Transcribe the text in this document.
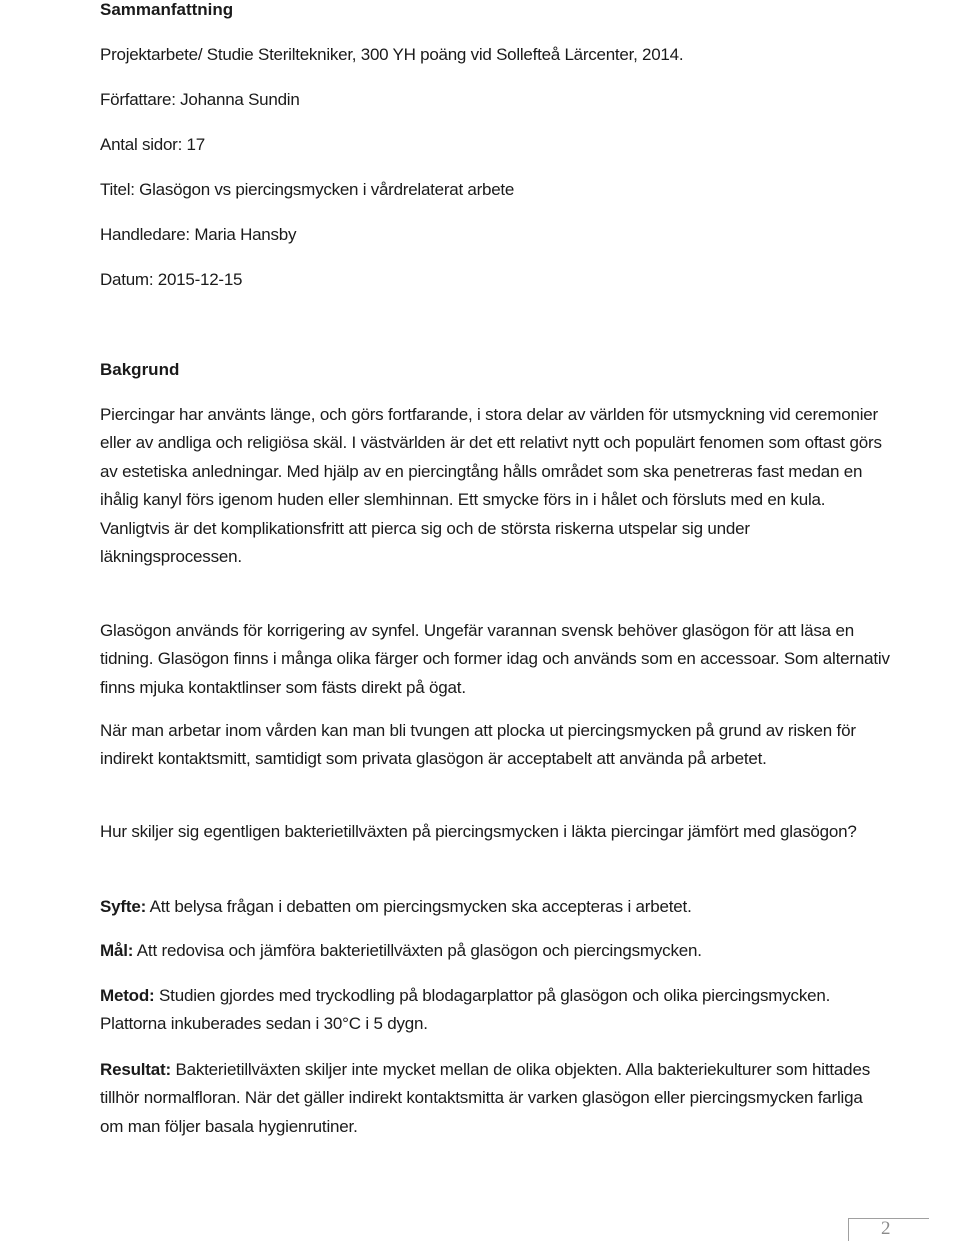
Sammanfattning
Projektarbete/ Studie Steriltekniker, 300 YH poäng vid Sollefteå Lärcenter, 2014.
Författare: Johanna Sundin
Antal sidor: 17
Titel: Glasögon vs piercingsmycken i vårdrelaterat arbete
Handledare: Maria Hansby
Datum: 2015-12-15
Bakgrund
Piercingar har använts länge, och görs fortfarande, i stora delar av världen för utsmyckning vid ceremonier eller av andliga och religiösa skäl. I västvärlden är det ett relativt nytt och populärt fenomen som oftast görs av estetiska anledningar. Med hjälp av en piercingtång hålls området som ska penetreras fast medan en ihålig kanyl förs igenom huden eller slemhinnan. Ett smycke förs in i hålet och försluts med en kula. Vanligtvis är det komplikationsfritt att pierca sig och de största riskerna utspelar sig under läkningsprocessen.
Glasögon används för korrigering av synfel. Ungefär varannan svensk behöver glasögon för att läsa en tidning. Glasögon finns i många olika färger och former idag och används som en accessoar. Som alternativ finns mjuka kontaktlinser som fästs direkt på ögat.
När man arbetar inom vården kan man bli tvungen att plocka ut piercingsmycken på grund av risken för indirekt kontaktsmitt, samtidigt som privata glasögon är acceptabelt att använda på arbetet.
Hur skiljer sig egentligen bakterietillväxten på piercingsmycken i läkta piercingar jämfört med glasögon?
Syfte: Att belysa frågan i debatten om piercingsmycken ska accepteras i arbetet.
Mål: Att redovisa och jämföra bakterietillväxten på glasögon och piercingsmycken.
Metod: Studien gjordes med tryckodling på blodagarplattor på glasögon och olika piercingsmycken. Plattorna inkuberades sedan i 30°C i 5 dygn.
Resultat: Bakterietillväxten skiljer inte mycket mellan de olika objekten. Alla bakteriekulturer som hittades tillhör normalfloran. När det gäller indirekt kontaktsmitta är varken glasögon eller piercingsmycken farliga om man följer basala hygienrutiner.
2
